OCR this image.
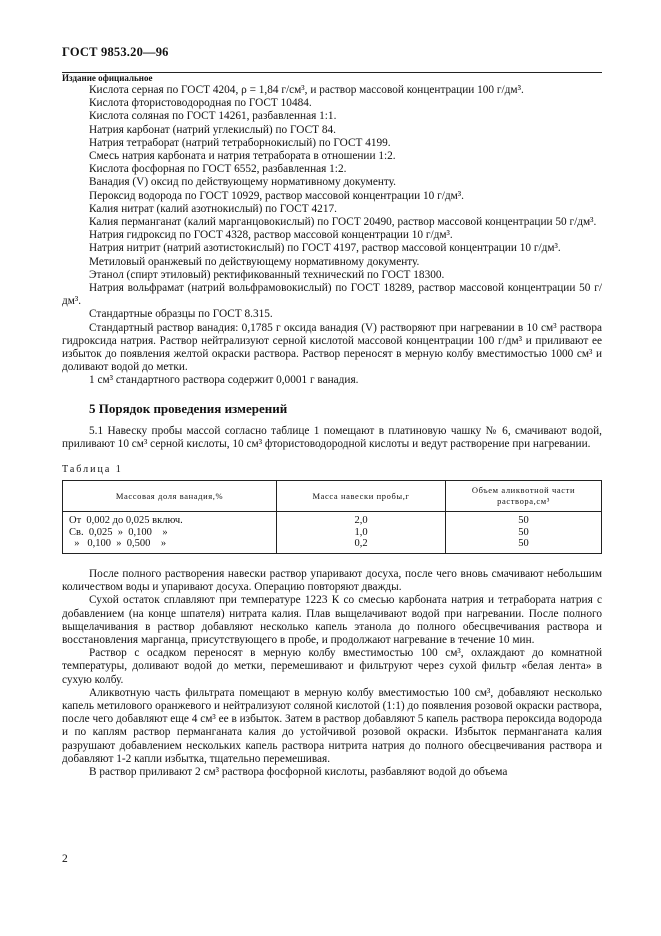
ГОСТ 9853.20—96
Издание официальное

Кислота серная по ГОСТ 4204, ρ = 1,84 г/см³, и раствор массовой концентрации 100 г/дм³.

Кислота фтористоводородная по ГОСТ 10484.

Кислота соляная по ГОСТ 14261, разбавленная 1:1.

Натрия карбонат (натрий углекислый) по ГОСТ 84.

Натрия тетраборат (натрий тетраборнокислый) по ГОСТ 4199.

Смесь натрия карбоната и натрия тетрабората в отношении 1:2.

Кислота фосфорная по ГОСТ 6552, разбавленная 1:2.

Ванадия (V) оксид по действующему нормативному документу.

Пероксид водорода по ГОСТ 10929, раствор массовой концентрации 10 г/дм³.

Калия нитрат (калий азотнокислый) по ГОСТ 4217.

Калия перманганат (калий марганцовокислый) по ГОСТ 20490, раствор массовой концентрации 50 г/дм³.

Натрия гидроксид по ГОСТ 4328, раствор массовой концентрации 10 г/дм³.

Натрия нитрит (натрий азотистокислый) по ГОСТ 4197, раствор массовой концентрации 10 г/дм³.

Метиловый оранжевый по действующему нормативному документу.

Этанол (спирт этиловый) ректификованный технический по ГОСТ 18300.

Натрия вольфрамат (натрий вольфрамовокислый) по ГОСТ 18289, раствор массовой концентрации 50 г/дм³.

Стандартные образцы по ГОСТ 8.315.

Стандартный раствор ванадия: 0,1785 г оксида ванадия (V) растворяют при нагревании в 10 см³ раствора гидроксида натрия. Раствор нейтрализуют серной кислотой массовой концентрации 100 г/дм³ и приливают ее избыток до появления желтой окраски раствора. Раствор переносят в мерную колбу вместимостью 1000 см³ и доливают водой до метки.

1 см³ стандартного раствора содержит 0,0001 г ванадия.

5 Порядок проведения измерений

5.1 Навеску пробы массой согласно таблице 1 помещают в платиновую чашку № 6, смачивают водой, приливают 10 см³ серной кислоты, 10 см³ фтористоводородной кислоты и ведут растворение при нагревании.

Таблица 1
Массовая доля ванадия,%	Масса навески пробы,г	Объем аликвотной части раствора,см³
От  0,002 до 0,025 включ.	2,0	50
Св.  0,025  »  0,100    »	1,0	50
»   0,100  »  0,500    »	0,2	50

После полного растворения навески раствор упаривают досуха, после чего вновь смачивают небольшим количеством воды и упаривают досуха. Операцию повторяют дважды.

Сухой остаток сплавляют при температуре 1223 К со смесью карбоната натрия и тетрабората натрия с добавлением (на конце шпателя) нитрата калия. Плав выщелачивают водой при нагревании. После полного выщелачивания в раствор добавляют несколько капель этанола до полного обесцвечивания раствора и восстановления марганца, присутствующего в пробе, и продолжают нагревание в течение 10 мин.

Раствор с осадком переносят в мерную колбу вместимостью 100 см³, охлаждают до комнатной температуры, доливают водой до метки, перемешивают и фильтруют через сухой фильтр «белая лента» в сухую колбу.

Аликвотную часть фильтрата помещают в мерную колбу вместимостью 100 см³, добавляют несколько капель метилового оранжевого и нейтрализуют соляной кислотой (1:1) до появления розовой окраски раствора, после чего добавляют еще 4 см³ ее в избыток. Затем в раствор добавляют 5 капель раствора пероксида водорода и по каплям раствор перманганата калия до устойчивой розовой окраски. Избыток перманганата калия разрушают добавлением нескольких капель раствора нитрита натрия до полного обесцвечивания раствора и добавляют 1-2 капли избытка, тщательно перемешивая.

В раствор приливают 2 см³ раствора фосфорной кислоты, разбавляют водой до объема

2
